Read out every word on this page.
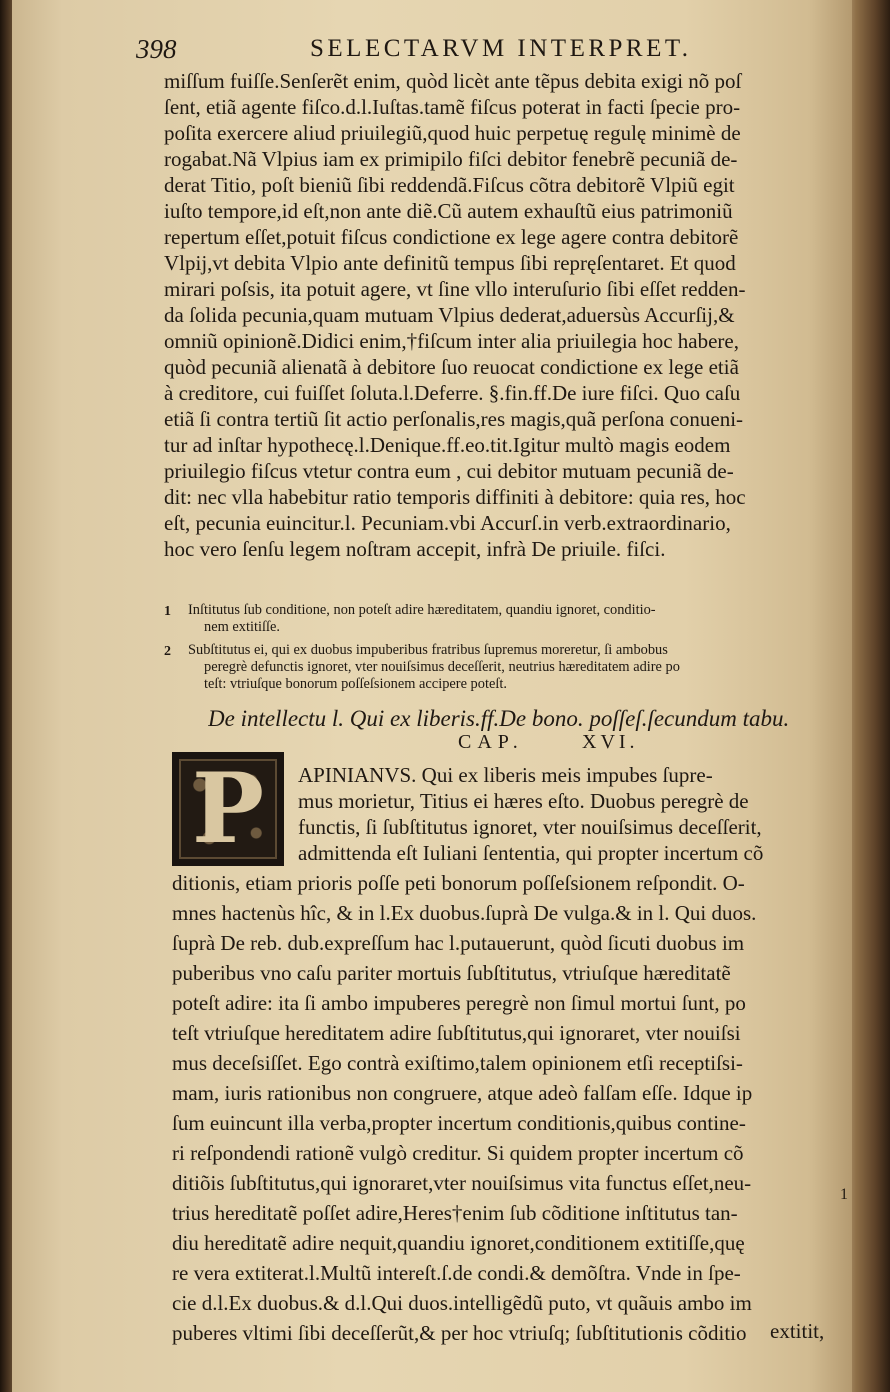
398	SELECTARVM INTERPRET.
miſſum fuiſſe.Senſerẽt enim, quòd licèt ante tẽpus debita exigi nõ poſ
ſent, etiã agente fiſco.d.l.Iuſtas.tamẽ fiſcus poterat in facti ſpecie pro-
poſita exercere aliud priuilegiũ,quod huic perpetuę regulę minimè de
rogabat.Nã Vlpius iam ex primipilo fiſci debitor fenebrẽ pecuniã de-
derat Titio, poſt bieniũ ſibi reddendã.Fiſcus cõtra debitorẽ Vlpiũ egit
iuſto tempore,id eſt,non ante diẽ.Cũ autem exhauſtũ eius patrimoniũ
repertum eſſet,potuit fiſcus condictione ex lege agere contra debitorẽ
Vlpij,vt debita Vlpio ante definitũ tempus ſibi repręſentaret. Et quod
mirari poſsis, ita potuit agere, vt ſine vllo interuſurio ſibi eſſet redden-
da ſolida pecunia,quam mutuam Vlpius dederat,aduersùs Accurſij,&
omniũ opinionẽ.Didici enim,†fiſcum inter alia priuilegia hoc habere,
quòd pecuniã alienatã à debitore ſuo reuocat condictione ex lege etiã
à creditore, cui fuiſſet ſoluta.l.Deferre. §.fin.ff.De iure fiſci. Quo caſu
etiã ſi contra tertiũ ſit actio perſonalis,res magis,quã perſona conueni-
tur ad inſtar hypothecę.l.Denique.ff.eo.tit.Igitur multò magis eodem
priuilegio fiſcus vtetur contra eum , cui debitor mutuam pecuniã de-
dit: nec vlla habebitur ratio temporis diffiniti à debitore: quia res, hoc
eſt, pecunia euincitur.l. Pecuniam.vbi Accurſ.in verb.extraordinario,
hoc vero ſenſu legem noſtram accepit, infrà De priuile. fiſci.
1 Inſtitutus ſub conditione, non poteſt adire hæreditatem, quandiu ignoret, conditio-
nem extitiſſe.
2 Subſtitutus ei, qui ex duobus impuberibus fratribus ſupremus moreretur, ſi ambobus
peregrè defunctis ignoret, vter nouiſsimus deceſſerit, neutrius hæreditatem adire po
teſt: vtriuſque bonorum poſſeſsionem accipere poteſt.
De intellectu l. Qui ex liberis.ff.De bono. poſſeſ.ſecundum tabu.
CAP.	XVI.
P	APINIANVS. Qui ex liberis meis impubes ſupre-
mus morietur, Titius ei hæres eſto. Duobus peregrè de
functis, ſi ſubſtitutus ignoret, vter nouiſsimus deceſſerit,
admittenda eſt Iuliani ſententia, qui propter incertum cõ
ditionis, etiam prioris poſſe peti bonorum poſſeſsionem reſpondit. O-
mnes hactenùs hîc, & in l.Ex duobus.ſuprà De vulga.& in l. Qui duos.
ſuprà De reb. dub.expreſſum hac l.putauerunt, quòd ſicuti duobus im
puberibus vno caſu pariter mortuis ſubſtitutus, vtriuſque hæreditatẽ
poteſt adire: ita ſi ambo impuberes peregrè non ſimul mortui ſunt, po
teſt vtriuſque hereditatem adire ſubſtitutus,qui ignoraret, vter nouiſsi
mus deceſsiſſet. Ego contrà exiſtimo,talem opinionem etſi receptiſsi-
mam, iuris rationibus non congruere, atque adeò falſam eſſe. Idque ip
ſum euincunt illa verba,propter incertum conditionis,quibus contine-
ri reſpondendi rationẽ vulgò creditur. Si quidem propter incertum cõ
ditiõis ſubſtitutus,qui ignoraret,vter nouiſsimus vita functus eſſet,neu-
trius hereditatẽ poſſet adire,Heres†enim ſub cõditione inſtitutus tan-
diu hereditatẽ adire nequit,quandiu ignoret,conditionem extitiſſe,quę
re vera extiterat.l.Multũ intereſt.ſ.de condi.& demõſtra. Vnde in ſpe-
cie d.l.Ex duobus.& d.l.Qui duos.intelligẽdũ puto, vt quãuis ambo im
puberes vltimi ſibi deceſſerũt,& per hoc vtriuſq; ſubſtitutionis cõditio
1
extitit,
